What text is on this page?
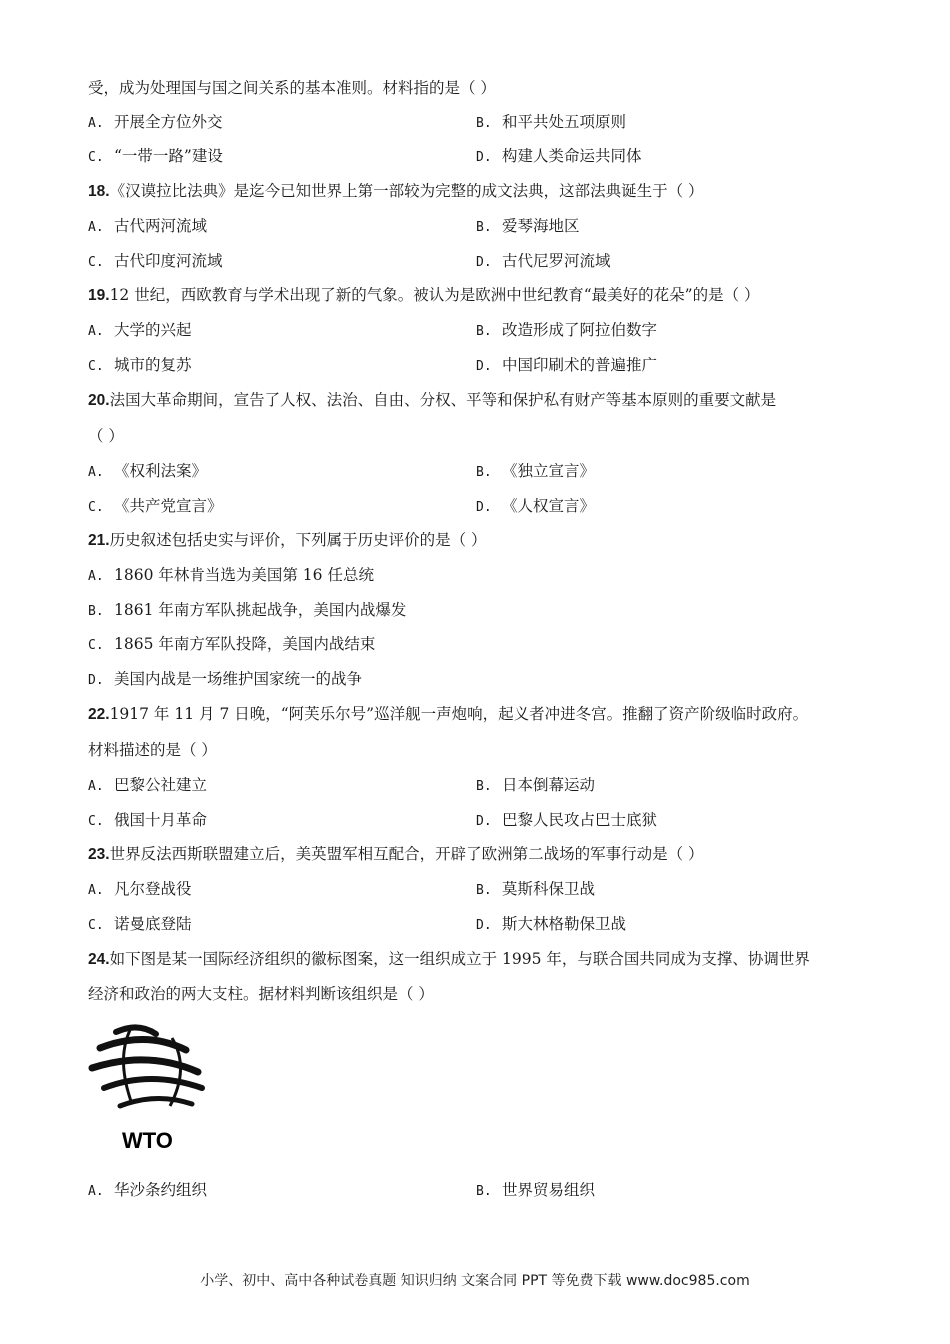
受，成为处理国与国之间关系的基本准则。材料指的是（ ）
A. 开展全方位外交	B. 和平共处五项原则
C. “一带一路”建设	D. 构建人类命运共同体
18.《汉谟拉比法典》是迄今已知世界上第一部较为完整的成文法典，这部法典诞生于（ ）
A. 古代两河流域	B. 爱琴海地区
C. 古代印度河流域	D. 古代尼罗河流域
19.12 世纪，西欧教育与学术出现了新的气象。被认为是欧洲中世纪教育“最美好的花朵”的是（ ）
A. 大学的兴起	B. 改造形成了阿拉伯数字
C. 城市的复苏	D. 中国印刷术的普遍推广
20.法国大革命期间，宣告了人权、法治、自由、分权、平等和保护私有财产等基本原则的重要文献是
（ ）
A. 《权利法案》	B. 《独立宣言》
C. 《共产党宣言》	D. 《人权宣言》
21.历史叙述包括史实与评价，下列属于历史评价的是（ ）
A. 1860 年林肯当选为美国第 16 任总统
B. 1861 年南方军队挑起战争，美国内战爆发
C. 1865 年南方军队投降，美国内战结束
D. 美国内战是一场维护国家统一的战争
22.1917 年 11 月 7 日晚，“阿芙乐尔号”巡洋舰一声炮响，起义者冲进冬宫。推翻了资产阶级临时政府。
材料描述的是（ ）
A. 巴黎公社建立	B. 日本倒幕运动
C. 俄国十月革命	D. 巴黎人民攻占巴士底狱
23.世界反法西斯联盟建立后，美英盟军相互配合，开辟了欧洲第二战场的军事行动是（ ）
A. 凡尔登战役	B. 莫斯科保卫战
C. 诺曼底登陆	D. 斯大林格勒保卫战
24.如下图是某一国际经济组织的徽标图案，这一组织成立于 1995 年，与联合国共同成为支撑、协调世界
经济和政治的两大支柱。据材料判断该组织是（ ）
WTO
A. 华沙条约组织	B. 世界贸易组织
小学、初中、高中各种试卷真题 知识归纳 文案合同 PPT 等免费下载 www.doc985.com
